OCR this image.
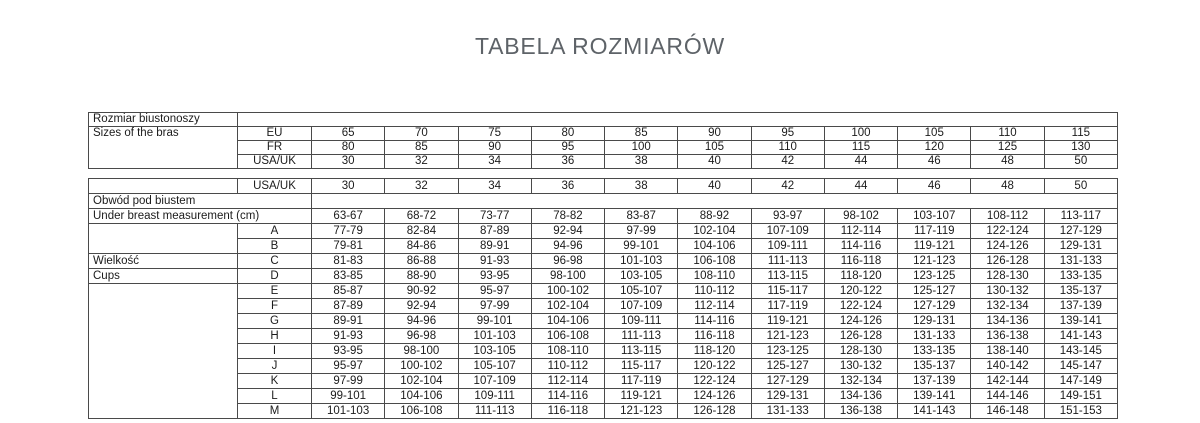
TABELA ROZMIARÓW
Rozmiar biustonoszy												
Sizes of the bras	EU	65	70	75	80	85	90	95	100	105	110	115
	FR	80	85	90	95	100	105	110	115	120	125	130
	USA/UK	30	32	34	36	38	40	42	44	46	48	50
	USA/UK	30	32	34	36	38	40	42	44	46	48	50
Obwód pod biustem												
Under breast measurement (cm)		63-67	68-72	73-77	78-82	83-87	88-92	93-97	98-102	103-107	108-112	113-117
	A	77-79	82-84	87-89	92-94	97-99	102-104	107-109	112-114	117-119	122-124	127-129
	B	79-81	84-86	89-91	94-96	99-101	104-106	109-111	114-116	119-121	124-126	129-131
Wielkość	C	81-83	86-88	91-93	96-98	101-103	106-108	111-113	116-118	121-123	126-128	131-133
Cups	D	83-85	88-90	93-95	98-100	103-105	108-110	113-115	118-120	123-125	128-130	133-135
	E	85-87	90-92	95-97	100-102	105-107	110-112	115-117	120-122	125-127	130-132	135-137
	F	87-89	92-94	97-99	102-104	107-109	112-114	117-119	122-124	127-129	132-134	137-139
	G	89-91	94-96	99-101	104-106	109-111	114-116	119-121	124-126	129-131	134-136	139-141
	H	91-93	96-98	101-103	106-108	111-113	116-118	121-123	126-128	131-133	136-138	141-143
	I	93-95	98-100	103-105	108-110	113-115	118-120	123-125	128-130	133-135	138-140	143-145
	J	95-97	100-102	105-107	110-112	115-117	120-122	125-127	130-132	135-137	140-142	145-147
	K	97-99	102-104	107-109	112-114	117-119	122-124	127-129	132-134	137-139	142-144	147-149
	L	99-101	104-106	109-111	114-116	119-121	124-126	129-131	134-136	139-141	144-146	149-151
	M	101-103	106-108	111-113	116-118	121-123	126-128	131-133	136-138	141-143	146-148	151-153
